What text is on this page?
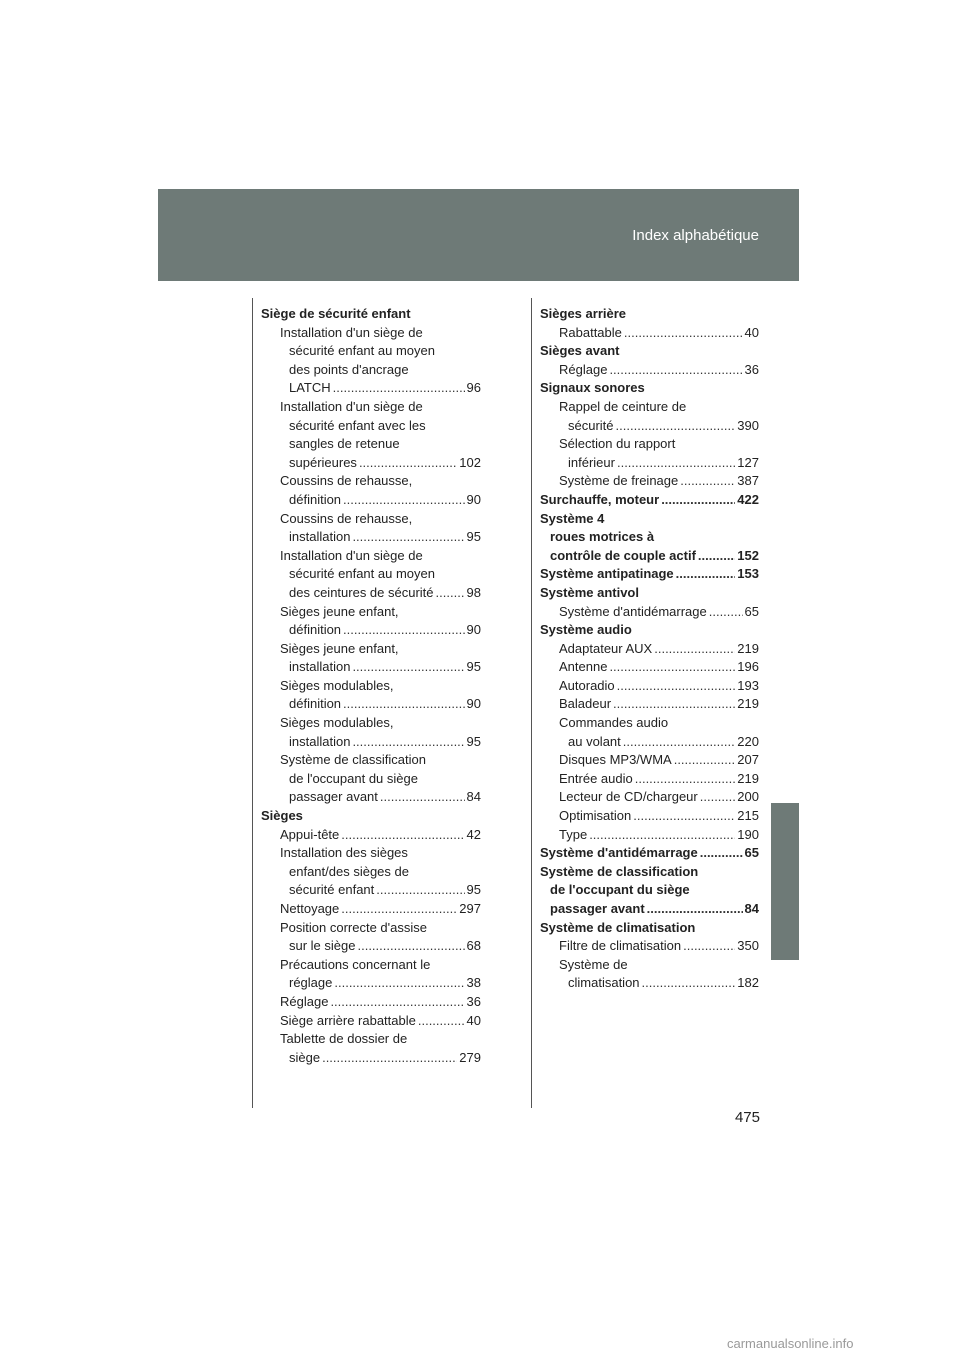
Index alphabétique
Siège de sécurité enfant
Installation d'un siège de
sécurité enfant au moyen
des points d'ancrage
LATCH .....	96
Installation d'un siège de
sécurité enfant avec les
sangles de retenue
supérieures .....	102
Coussins de rehausse,
définition .....	90
Coussins de rehausse,
installation .....	95
Installation d'un siège de
sécurité enfant au moyen
des ceintures de sécurité .....	98
Sièges jeune enfant,
définition .....	90
Sièges jeune enfant,
installation .....	95
Sièges modulables,
définition .....	90
Sièges modulables,
installation .....	95
Système de classification
de l'occupant du siège
passager avant .....	84
Sièges
Appui-tête .....	42
Installation des sièges
enfant/des sièges de
sécurité enfant .....	95
Nettoyage .....	297
Position correcte d'assise
sur le siège .....	68
Précautions concernant le
réglage .....	38
Réglage .....	36
Siège arrière rabattable .....	40
Tablette de dossier de
siège .....	279
Sièges arrière
Rabattable .....	40
Sièges avant
Réglage .....	36
Signaux sonores
Rappel de ceinture de
sécurité .....	390
Sélection du rapport
inférieur .....	127
Système de freinage .....	387
Surchauffe, moteur .....	422
Système 4
roues motrices à
contrôle de couple actif .....	152
Système antipatinage .....	153
Système antivol
Système d'antidémarrage .....	65
Système audio
Adaptateur AUX .....	219
Antenne .....	196
Autoradio .....	193
Baladeur .....	219
Commandes audio
au volant .....	220
Disques MP3/WMA .....	207
Entrée audio .....	219
Lecteur de CD/chargeur .....	200
Optimisation .....	215
Type .....	190
Système d'antidémarrage .....	65
Système de classification
de l'occupant du siège
passager avant .....	84
Système de climatisation
Filtre de climatisation .....	350
Système de
climatisation .....	182
475
carmanualsonline.info
